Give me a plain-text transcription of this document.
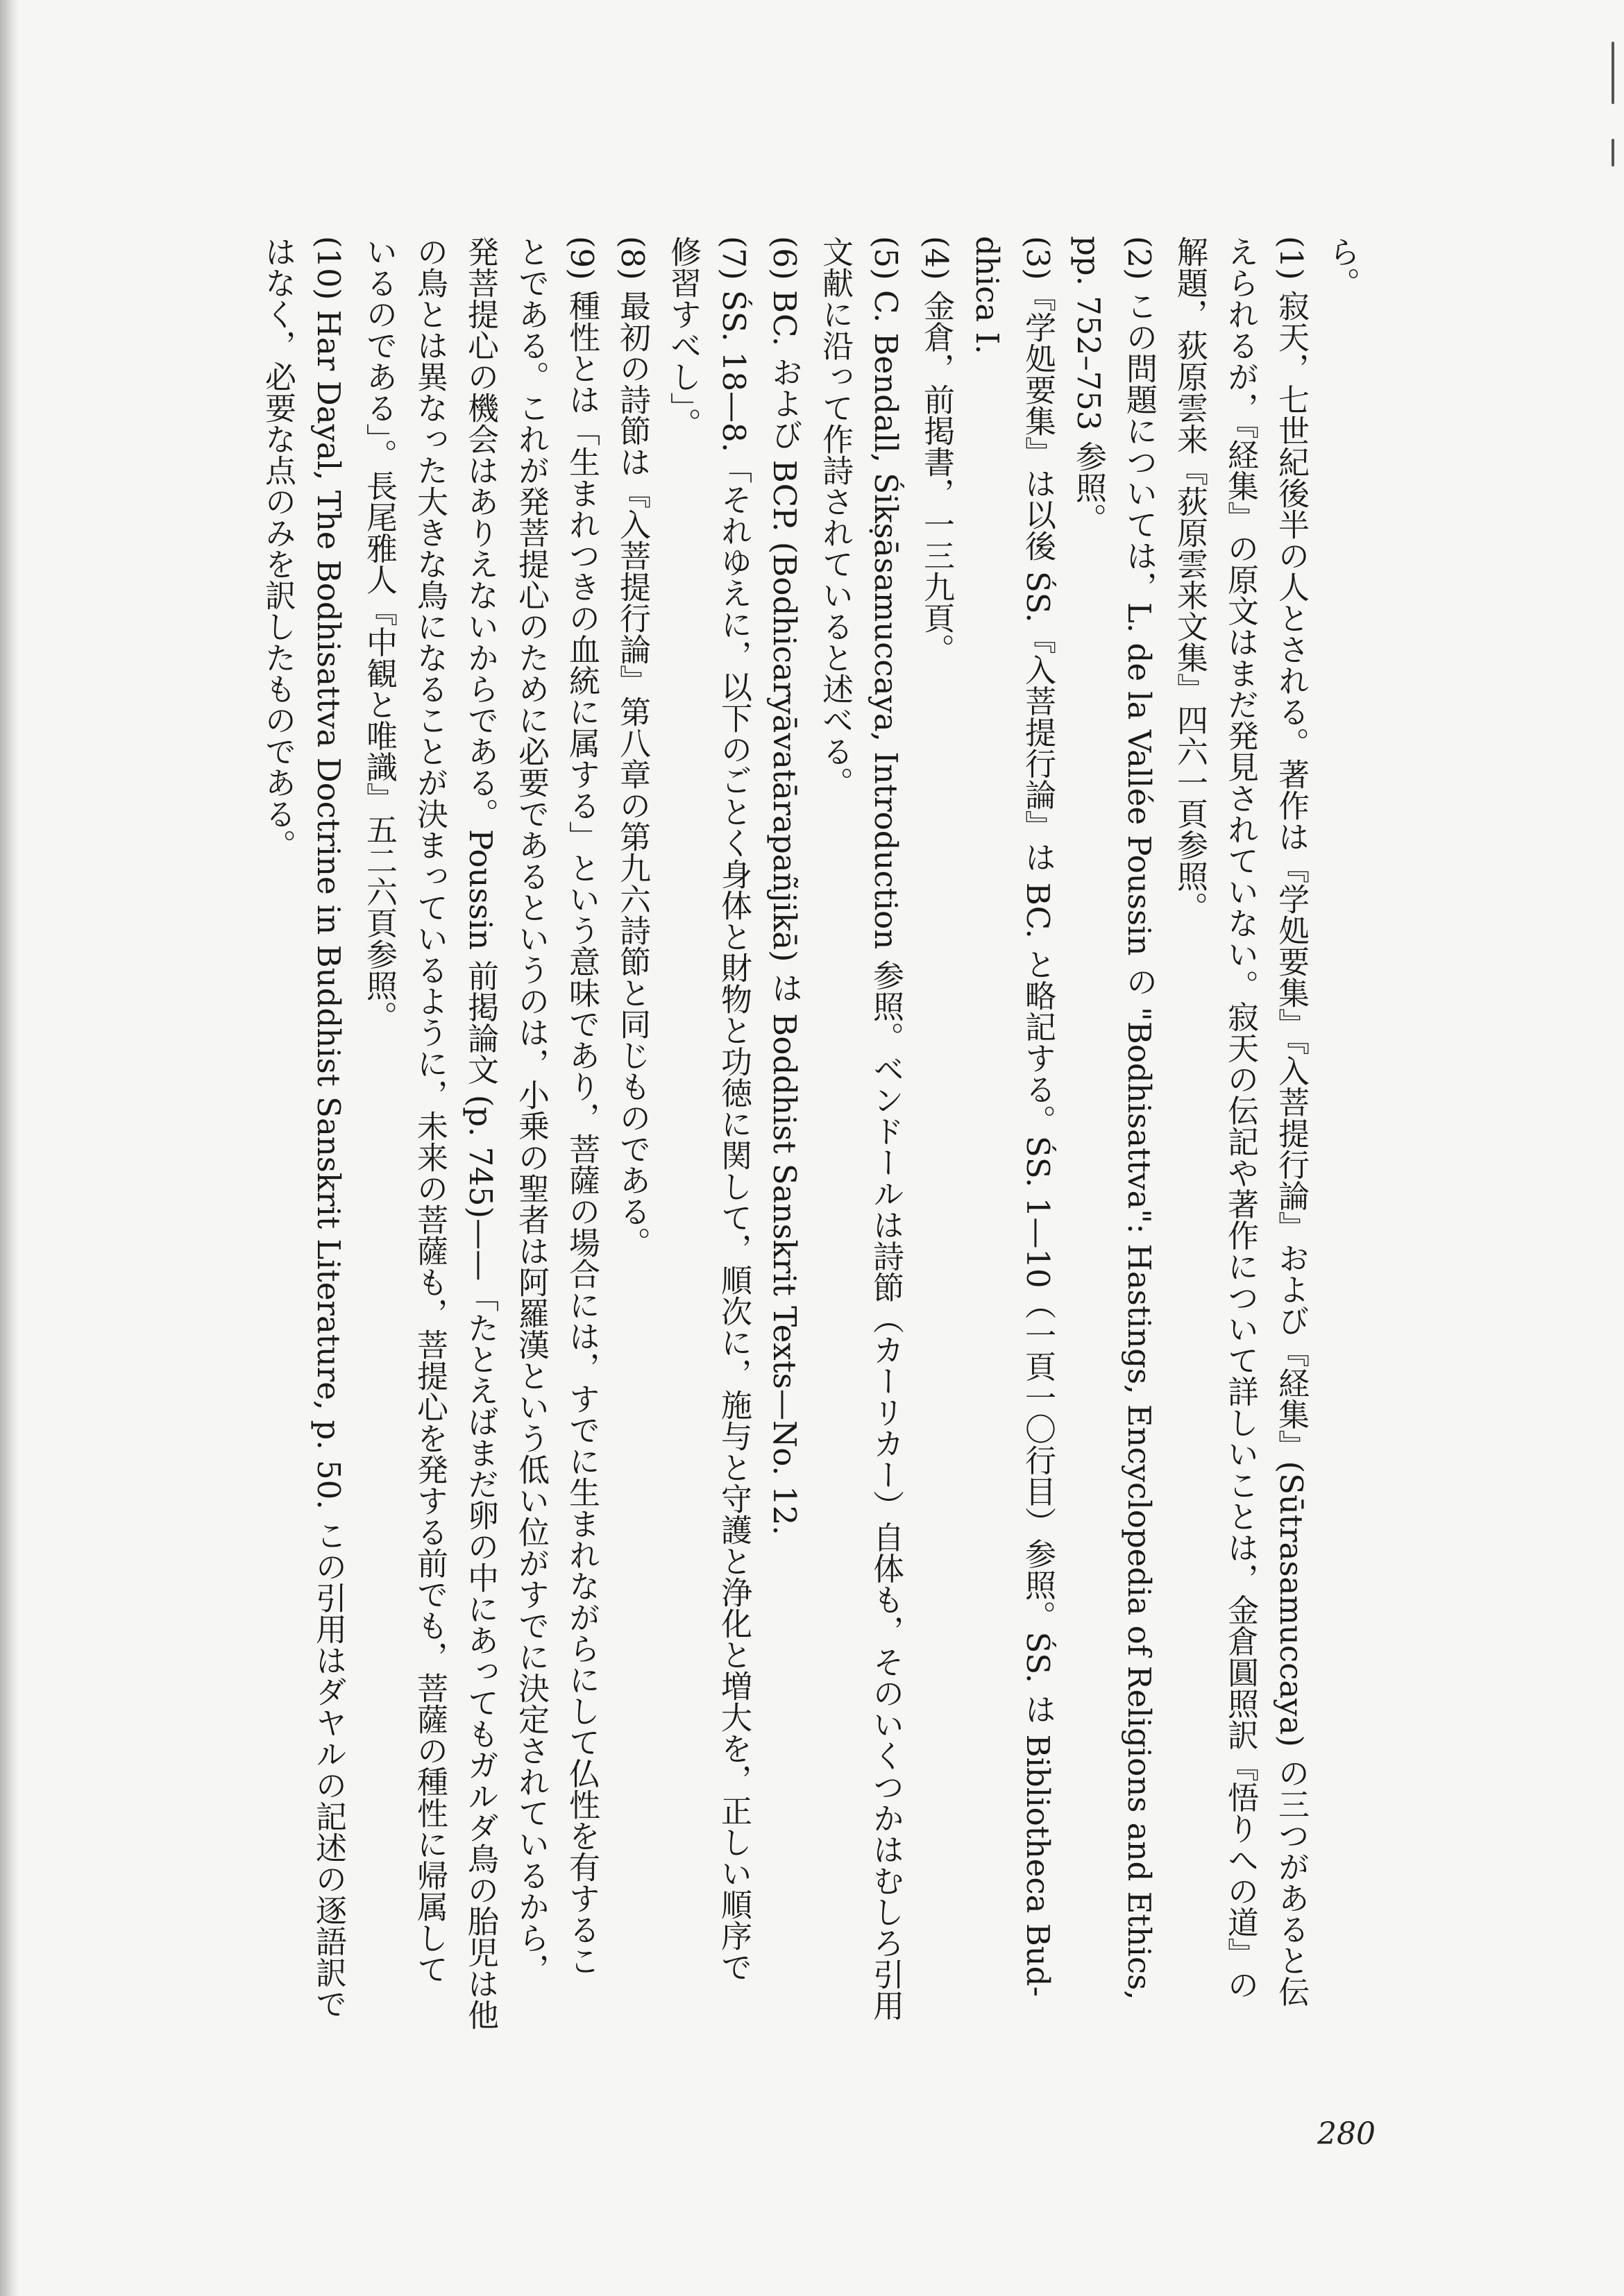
ら。
(1) 寂天，七世紀後半の人とされる。著作は『学処要集』『入菩提行論』および『経集』(Sūtrasamuccaya) の三つがあると伝
えられるが，『経集』の原文はまだ発見されていない。寂天の伝記や著作について詳しいことは，金倉圓照訳『悟りへの道』の
解題，荻原雲来『荻原雲来文集』四六一頁参照。
(2) この問題については，L. de la Vallée Poussin の "Bodhisattva": Hastings, Encyclopedia of Religions and Ethics,
pp. 752–753 参照。
(3)『学処要集』は以後 ŚS.『入菩提行論』は BC. と略記する。ŚS. 1—10（一頁一〇行目）参照。ŚS. は Bibliotheca Bud-
dhica I.
(4) 金倉，前掲書，一三九頁。
(5) C. Bendall, Śikṣāsamuccaya, Introduction 参照。ベンドールは詩節（カーリカー）自体も，そのいくつかはむしろ引用
文献に沿って作詩されていると述べる。
(6) BC. および BCP. (Bodhicaryāvatārapañjikā) は Boddhist Sanskrit Texts—No. 12.
(7) ŚS. 18—8.「それゆえに，以下のごとく身体と財物と功徳に関して，順次に，施与と守護と浄化と増大を，正しい順序で
修習すべし」。
(8) 最初の詩節は『入菩提行論』第八章の第九六詩節と同じものである。
(9) 種性とは「生まれつきの血統に属する」という意味であり，菩薩の場合には，すでに生まれながらにして仏性を有するこ
とである。これが発菩提心のために必要であるというのは，小乗の聖者は阿羅漢という低い位がすでに決定されているから，
発菩提心の機会はありえないからである。Poussin 前掲論文 (p. 745)——「たとえばまだ卵の中にあってもガルダ鳥の胎児は他
の鳥とは異なった大きな鳥になることが決まっているように，未来の菩薩も，菩提心を発する前でも，菩薩の種性に帰属して
いるのである」。長尾雅人『中観と唯識』五二六頁参照。
(10) Har Dayal, The Bodhisattva Doctrine in Buddhist Sanskrit Literature, p. 50. この引用はダヤルの記述の逐語訳で
はなく，必要な点のみを訳したものである。
280
